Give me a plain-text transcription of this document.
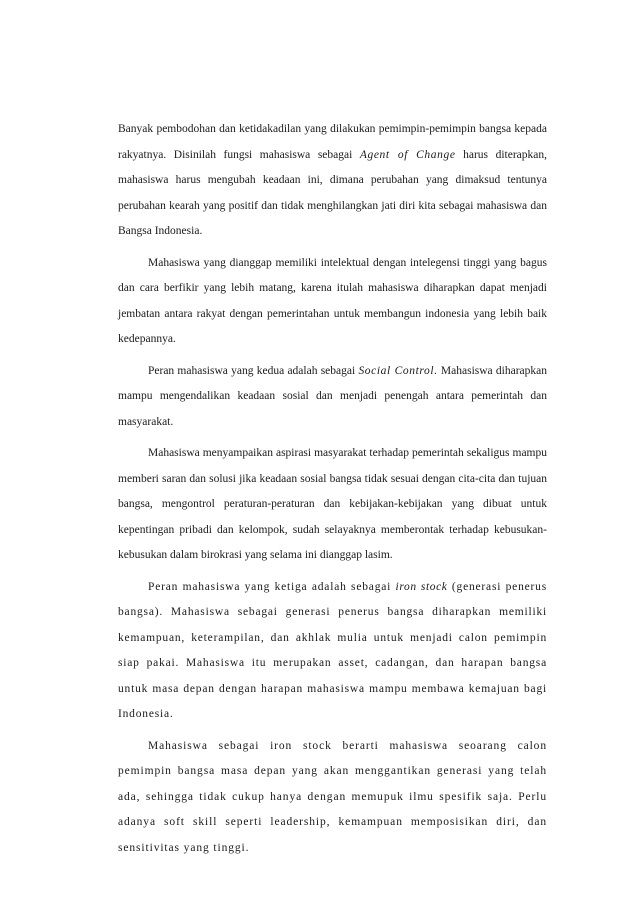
Banyak pembodohan dan ketidakadilan yang dilakukan pemimpin-pemimpin bangsa kepada rakyatnya. Disinilah fungsi mahasiswa sebagai Agent of Change harus diterapkan, mahasiswa harus mengubah keadaan ini, dimana perubahan yang dimaksud tentunya perubahan kearah yang positif dan tidak menghilangkan jati diri kita sebagai mahasiswa dan Bangsa Indonesia.

Mahasiswa yang dianggap memiliki intelektual dengan intelegensi tinggi yang bagus dan cara berfikir yang lebih matang, karena itulah mahasiswa diharapkan dapat menjadi jembatan antara rakyat dengan pemerintahan untuk membangun indonesia yang lebih baik kedepannya.

Peran mahasiswa yang kedua adalah sebagai Social Control. Mahasiswa diharapkan mampu mengendalikan keadaan sosial dan menjadi penengah antara pemerintah dan masyarakat.

Mahasiswa menyampaikan aspirasi masyarakat terhadap pemerintah sekaligus mampu memberi saran dan solusi jika keadaan sosial bangsa tidak sesuai dengan cita-cita dan tujuan bangsa, mengontrol peraturan-peraturan dan kebijakan-kebijakan yang dibuat untuk kepentingan pribadi dan kelompok, sudah selayaknya memberontak terhadap kebusukan-kebusukan dalam birokrasi yang selama ini dianggap lasim.

Peran mahasiswa yang ketiga adalah sebagai iron stock (generasi penerus bangsa). Mahasiswa sebagai generasi penerus bangsa diharapkan memiliki kemampuan, keterampilan, dan akhlak mulia untuk menjadi calon pemimpin siap pakai. Mahasiswa itu merupakan asset, cadangan, dan harapan bangsa untuk masa depan dengan harapan mahasiswa mampu membawa kemajuan bagi Indonesia.

Mahasiswa sebagai iron stock berarti mahasiswa seoarang calon pemimpin bangsa masa depan yang akan menggantikan generasi yang telah ada, sehingga tidak cukup hanya dengan memupuk ilmu spesifik saja. Perlu adanya soft skill seperti leadership, kemampuan memposisikan diri, dan sensitivitas yang tinggi.
